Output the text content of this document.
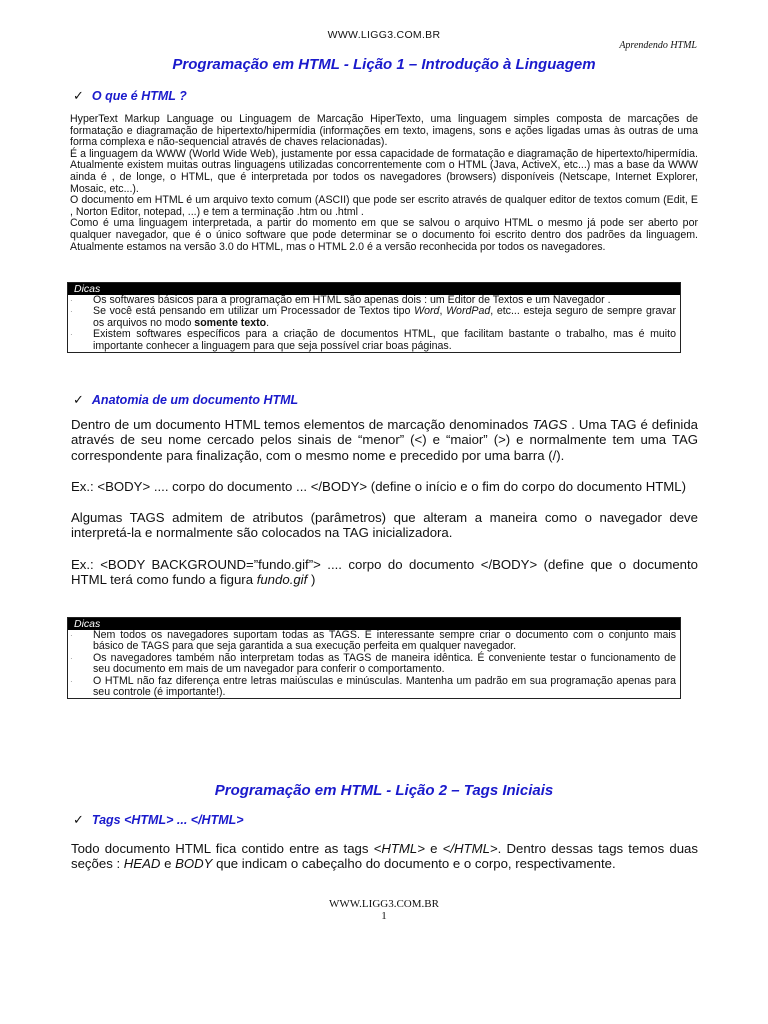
WWW.LIGG3.COM.BR
Aprendendo HTML
Programação em HTML - Lição 1 – Introdução à Linguagem
✓ O que é HTML ?

HyperText Markup Language ou Linguagem de Marcação HiperTexto, uma linguagem simples composta de marcações de formatação e diagramação de hipertexto/hipermídia (informações em texto, imagens, sons e ações ligadas umas às outras de uma forma complexa e não-sequencial através de chaves relacionadas).

É a linguagem da WWW (World Wide Web), justamente por essa capacidade de formatação e diagramação de hipertexto/hipermídia. Atualmente existem muitas outras linguagens utilizadas concorrentemente com o HTML (Java, ActiveX, etc...) mas a base da WWW ainda é , de longe, o HTML, que é interpretada por todos os navegadores (browsers) disponíveis (Netscape, Internet Explorer, Mosaic, etc...).

O documento em HTML é um arquivo texto comum (ASCII) que pode ser escrito através de qualquer editor de textos comum (Edit, E , Norton Editor, notepad, ...) e tem a terminação .htm ou .html .

Como é uma linguagem interpretada, a partir do momento em que se salvou o arquivo HTML o mesmo já pode ser aberto por qualquer navegador, que é o único software que pode determinar se o documento foi escrito dentro dos padrões da linguagem. Atualmente estamos na versão 3.0 do HTML, mas o HTML 2.0 é a versão reconhecida por todos os navegadores.

Dicas
· Os softwares básicos para a programação em HTML são apenas dois : um Editor de Textos e um Navegador .
· Se você está pensando em utilizar um Processador de Textos tipo Word, WordPad, etc... esteja seguro de sempre gravar os arquivos no modo somente texto.
· Existem softwares específicos para a criação de documentos HTML, que facilitam bastante o trabalho, mas é muito importante conhecer a linguagem para que seja possível criar boas páginas.
✓ Anatomia de um documento HTML

Dentro de um documento HTML temos elementos de marcação denominados TAGS . Uma TAG é definida através de seu nome cercado pelos sinais de “menor” (<) e “maior” (>) e normalmente tem uma TAG correspondente para finalização, com o mesmo nome e precedido por uma barra (/).

Ex.: <BODY> .... corpo do documento ... </BODY> (define o início e o fim do corpo do documento HTML)

Algumas TAGS admitem de atributos (parâmetros) que alteram a maneira como o navegador deve interpretá-la e normalmente são colocados na TAG inicializadora.

Ex.: <BODY BACKGROUND=”fundo.gif”> .... corpo do documento </BODY> (define que o documento HTML terá como fundo a figura fundo.gif )

Dicas
· Nem todos os navegadores suportam todas as TAGS. E interessante sempre criar o documento com o conjunto mais básico de TAGS para que seja garantida a sua execução perfeita em qualquer navegador.
· Os navegadores também não interpretam todas as TAGS de maneira idêntica. É conveniente testar o funcionamento de seu documento em mais de um navegador para conferir o comportamento.
· O HTML não faz diferença entre letras maiúsculas e minúsculas. Mantenha um padrão em sua programação apenas para seu controle (é importante!).
Programação em HTML - Lição 2 – Tags Iniciais
✓ Tags <HTML> ... </HTML>

Todo documento HTML fica contido entre as tags <HTML> e </HTML>. Dentro dessas tags temos duas seções : HEAD e BODY que indicam o cabeçalho do documento e o corpo, respectivamente.

WWW.LIGG3.COM.BR
1
